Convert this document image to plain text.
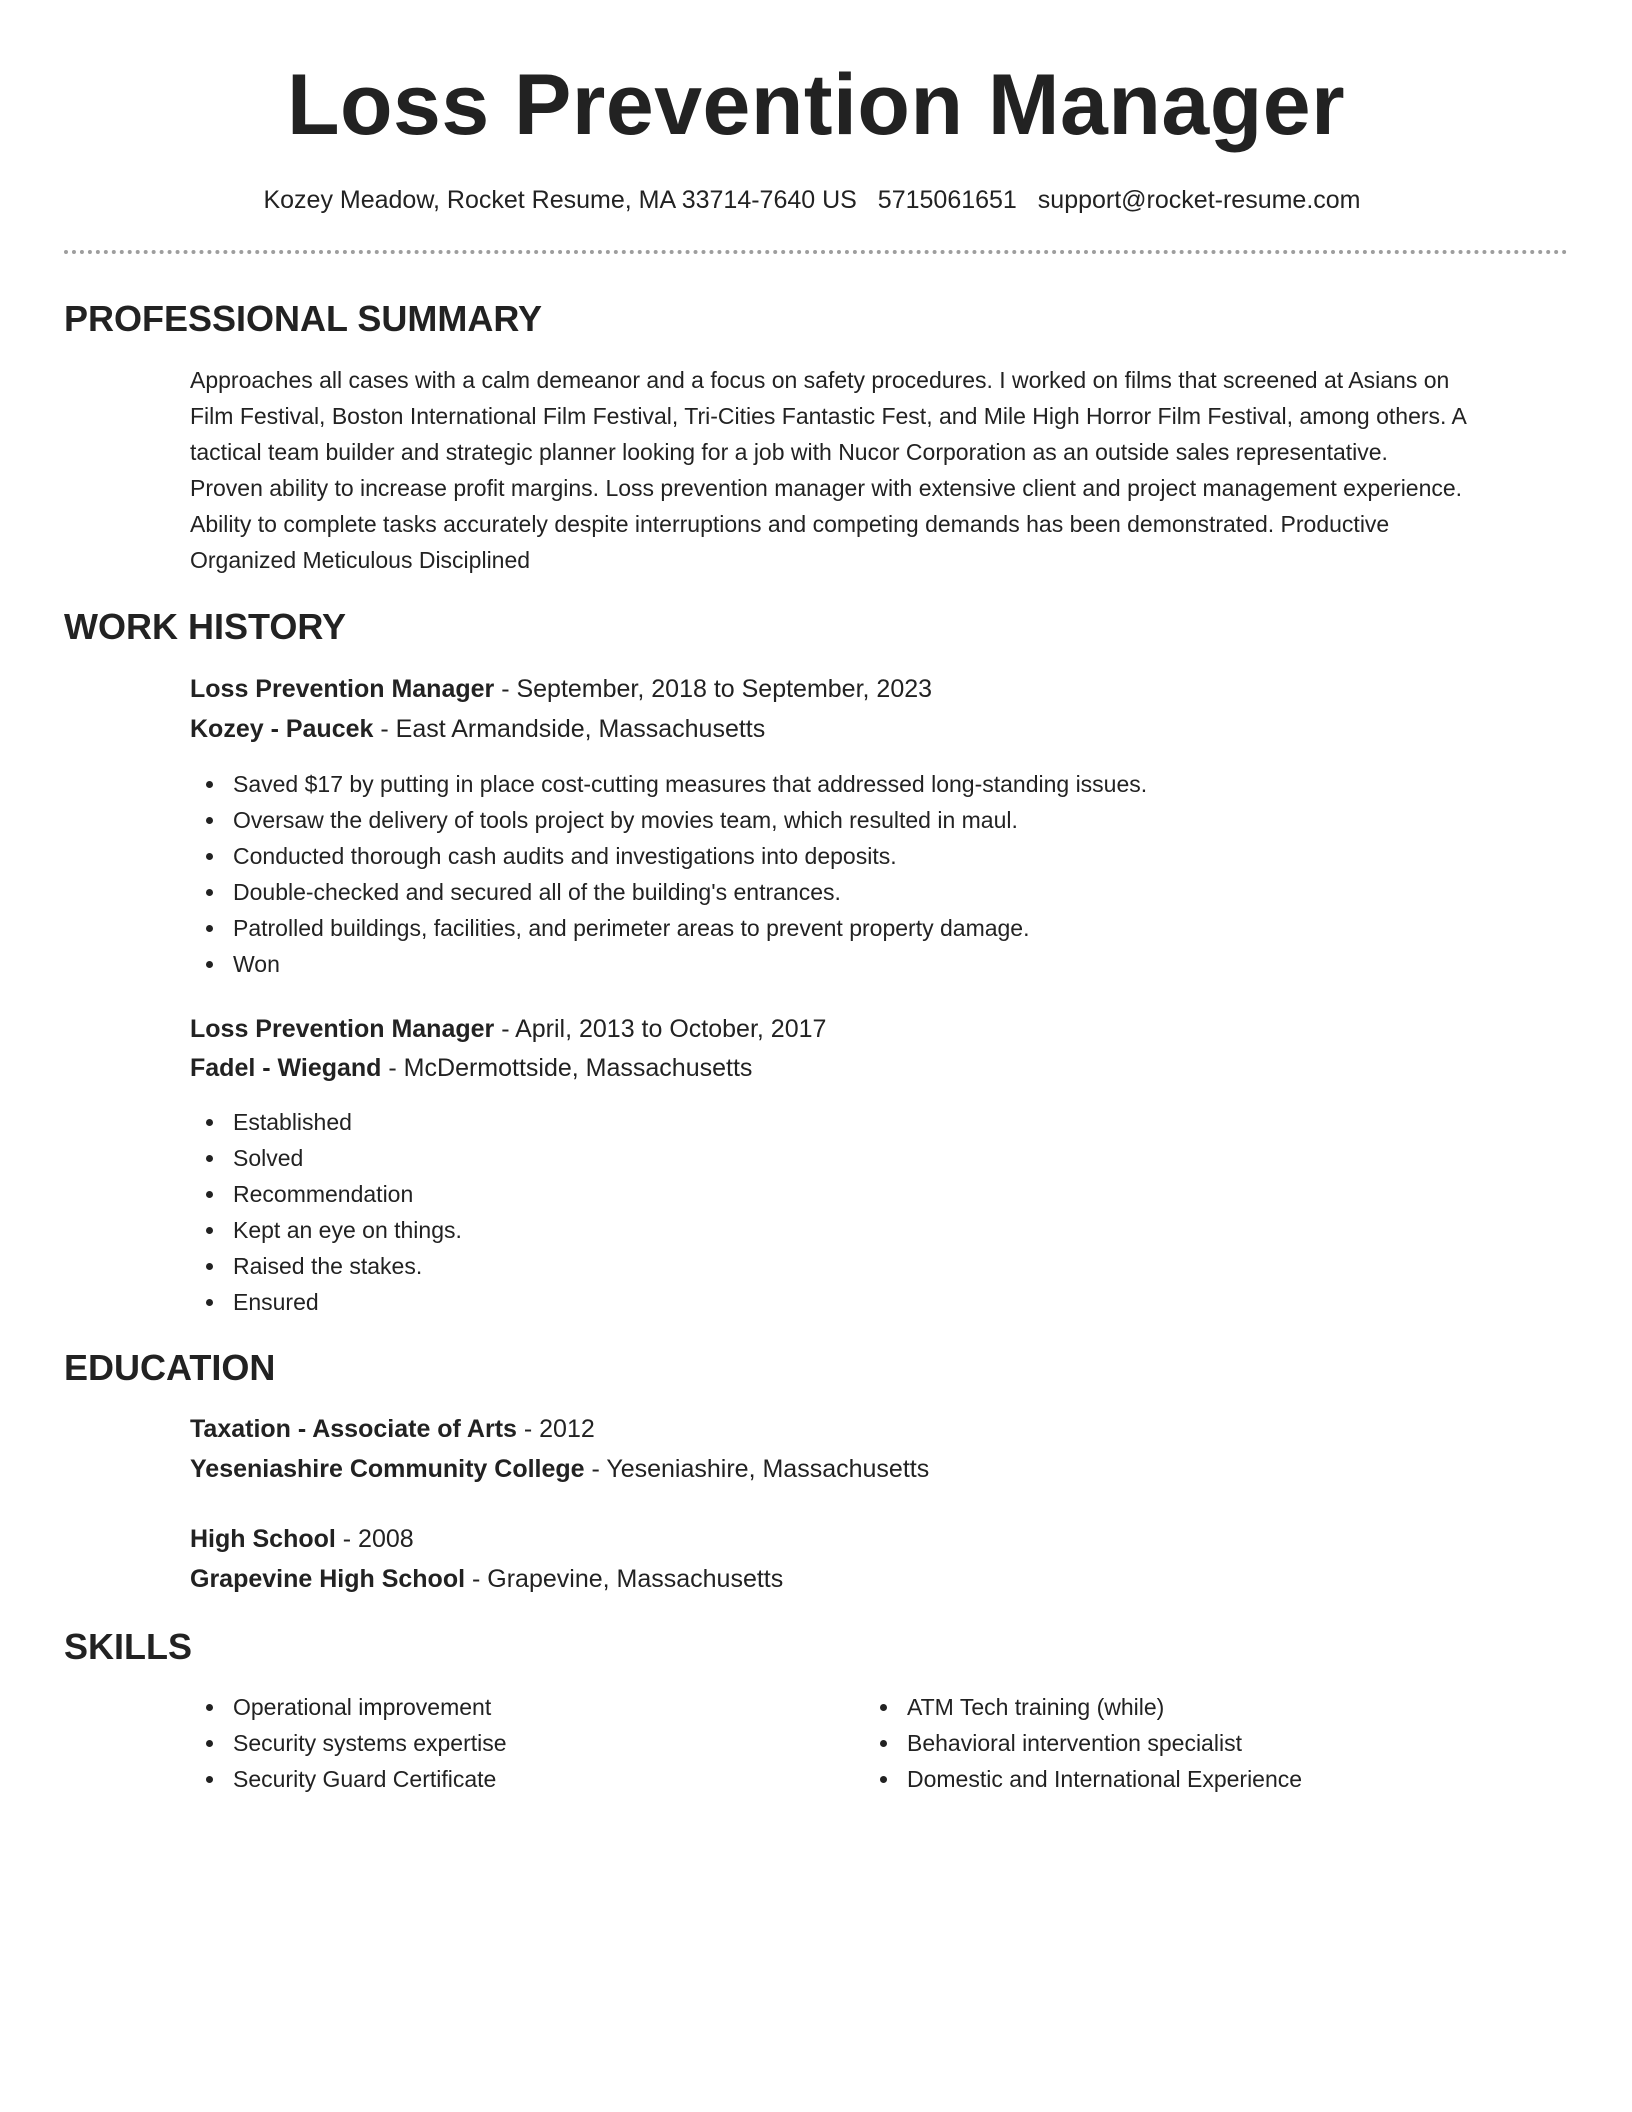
Loss Prevention Manager
Kozey Meadow, Rocket Resume, MA 33714-7640 US 5715061651 support@rocket-resume.com
PROFESSIONAL SUMMARY
Approaches all cases with a calm demeanor and a focus on safety procedures. I worked on films that screened at Asians on
Film Festival, Boston International Film Festival, Tri-Cities Fantastic Fest, and Mile High Horror Film Festival, among others. A
tactical team builder and strategic planner looking for a job with Nucor Corporation as an outside sales representative.
Proven ability to increase profit margins. Loss prevention manager with extensive client and project management experience.
Ability to complete tasks accurately despite interruptions and competing demands has been demonstrated. Productive
Organized Meticulous Disciplined
WORK HISTORY
Loss Prevention Manager - September, 2018 to September, 2023
Kozey - Paucek - East Armandside, Massachusetts
Saved $17 by putting in place cost-cutting measures that addressed long-standing issues.
Oversaw the delivery of tools project by movies team, which resulted in maul.
Conducted thorough cash audits and investigations into deposits.
Double-checked and secured all of the building's entrances.
Patrolled buildings, facilities, and perimeter areas to prevent property damage.
Won
Loss Prevention Manager - April, 2013 to October, 2017
Fadel - Wiegand - McDermottside, Massachusetts
Established
Solved
Recommendation
Kept an eye on things.
Raised the stakes.
Ensured
EDUCATION
Taxation - Associate of Arts - 2012
Yeseniashire Community College - Yeseniashire, Massachusetts
High School - 2008
Grapevine High School - Grapevine, Massachusetts
SKILLS
Operational improvement
Security systems expertise
Security Guard Certificate
ATM Tech training (while)
Behavioral intervention specialist
Domestic and International Experience
